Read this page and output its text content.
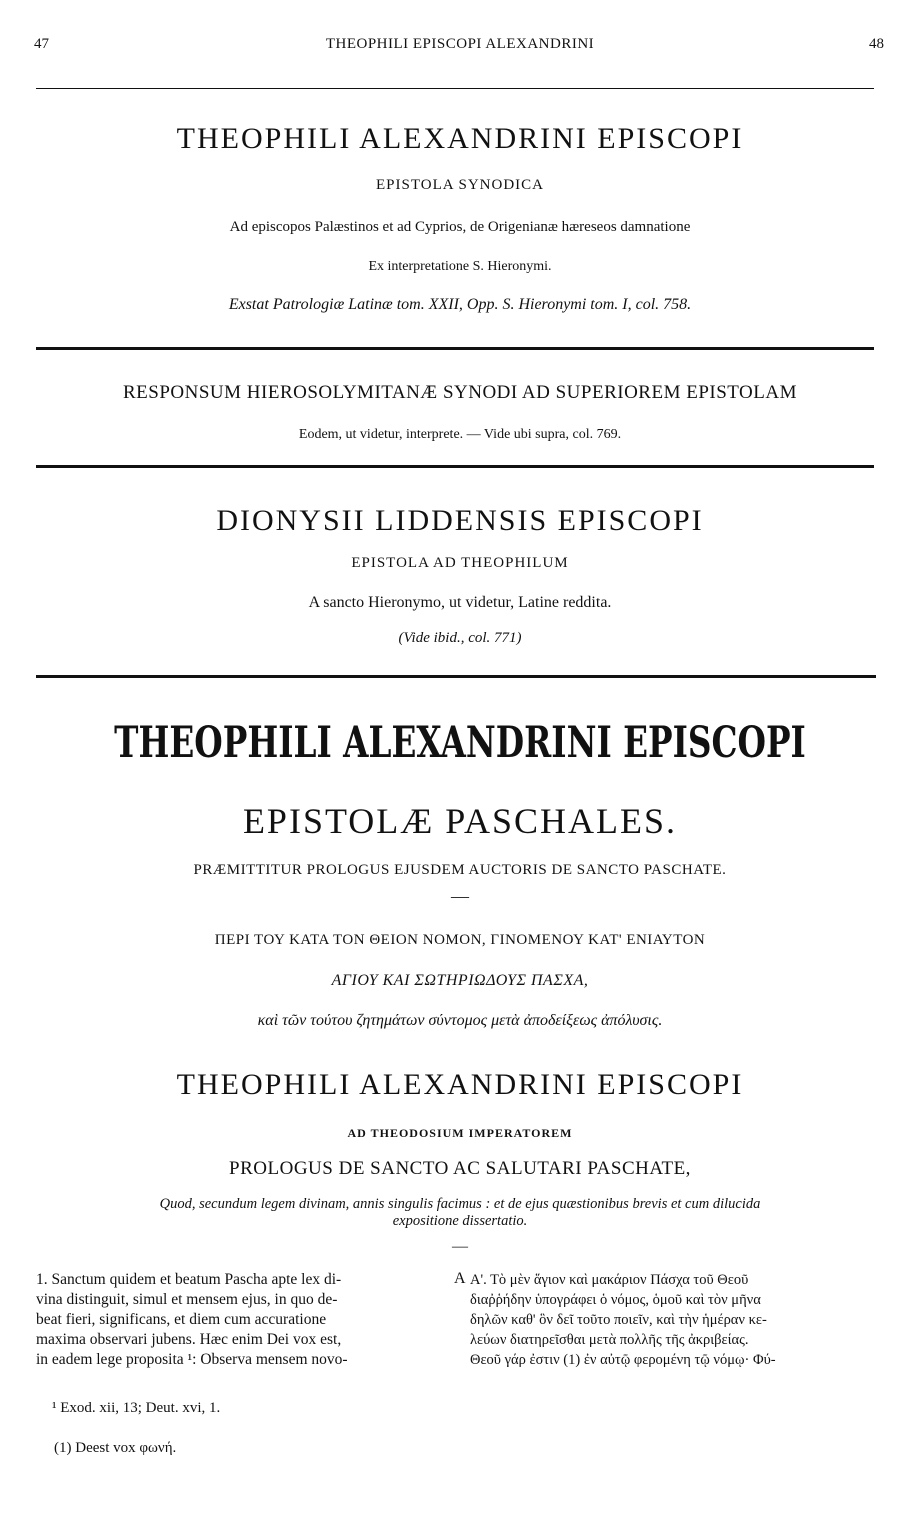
47	THEOPHILI EPISCOPI ALEXANDRINI	48
THEOPHILI ALEXANDRINI EPISCOPI
EPISTOLA SYNODICA
Ad episcopos Palæstinos et ad Cyprios, de Origenianæ hæreseos damnatione
Ex interpretatione S. Hieronymi.
Exstat Patrologiæ Latinæ tom. XXII, Opp. S. Hieronymi tom. I, col. 758.
RESPONSUM HIEROSOLYMITANÆ SYNODI AD SUPERIOREM EPISTOLAM
Eodem, ut videtur, interprete. — Vide ubi supra, col. 769.
DIONYSII LIDDENSIS EPISCOPI
EPISTOLA AD THEOPHILUM
A sancto Hieronymo, ut videtur, Latine reddita.
(Vide ibid., col. 771)
THEOPHILI ALEXANDRINI EPISCOPI
EPISTOLÆ PASCHALES.
PRÆMITTITUR PROLOGUS EJUSDEM AUCTORIS DE SANCTO PASCHATE.
—
ΠΕΡΙ ΤΟΥ ΚΑΤΑ ΤΟΝ ΘΕΙΟΝ ΝΟΜΟΝ, ΓΙΝΟΜΕΝΟΥ ΚΑΤ' ΕΝΙΑΥΤΟΝ
ΑΓΙΟΥ ΚΑΙ ΣΩΤΗΡΙΩΔΟΥΣ ΠΑΣΧΑ,
καὶ τῶν τούτου ζητημάτων σύντομος μετὰ ἀποδείξεως ἀπόλυσις.
THEOPHILI ALEXANDRINI EPISCOPI
AD THEODOSIUM IMPERATOREM
PROLOGUS DE SANCTO AC SALUTARI PASCHATE,
Quod, secundum legem divinam, annis singulis facimus : et de ejus quæstionibus brevis et cum dilucida
expositione dissertatio.
—
1. Sanctum quidem et beatum Pascha apte lex di-
vina distinguit, simul et mensem ejus, in quo de-
beat fieri, significans, et diem cum accuratione
maxima observari jubens. Hæc enim Dei vox est,
in eadem lege proposita ¹: Observa mensem novo-
A Α'. Τὸ μὲν ἅγιον καὶ μακάριον Πάσχα τοῦ Θεοῦ
διαῤῥήδην ὑπογράφει ὁ νόμος, ὁμοῦ καὶ τὸν μῆνα
δηλῶν καθ' ὃν δεῖ τοῦτο ποιεῖν, καὶ τὴν ἡμέραν κε-
λεύων διατηρεῖσθαι μετὰ πολλῆς τῆς ἀκριβείας.
Θεοῦ γάρ ἐστιν (1) ἐν αὐτῷ φερομένη τῷ νόμῳ· Φύ-
¹ Exod. xii, 13; Deut. xvi, 1.
(1) Deest vox φωνή.
